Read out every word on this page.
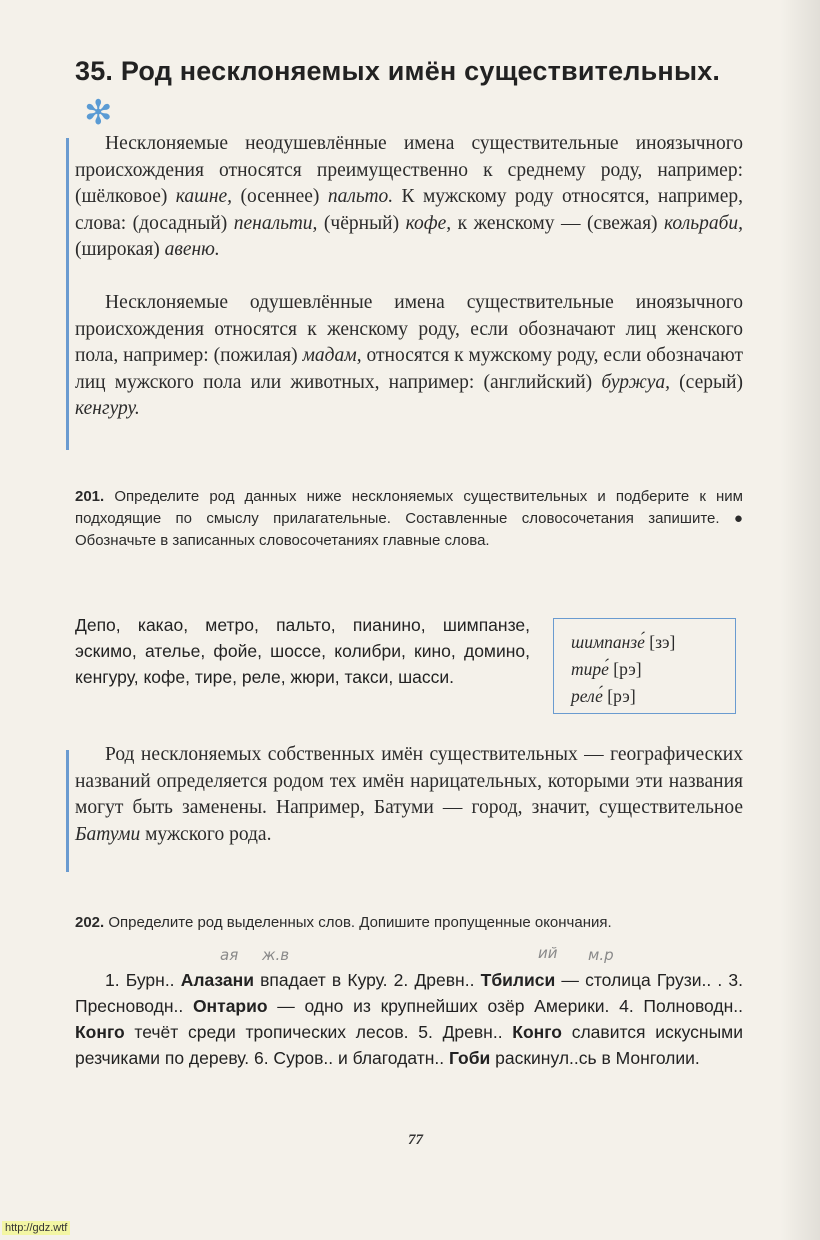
35. Род несклоняемых имён существительных.
✻
Несклоняемые неодушевлённые имена существительные иноязычного происхождения относятся преимущественно к среднему роду, например: (шёлковое) кашне, (осеннее) пальто. К мужскому роду относятся, например, слова: (досадный) пенальти, (чёрный) кофе, к женскому — (свежая) кольраби, (широкая) авеню.
Несклоняемые одушевлённые имена существительные иноязычного происхождения относятся к женскому роду, если обозначают лиц женского пола, например: (пожилая) мадам, относятся к мужскому роду, если обозначают лиц мужского пола или животных, например: (английский) буржуа, (серый) кенгуру.
201. Определите род данных ниже несклоняемых существительных и подберите к ним подходящие по смыслу прилагательные. Составленные словосочетания запишите. ● Обозначьте в записанных словосочетаниях главные слова.
Депо, какао, метро, пальто, пианино, шимпанзе, эскимо, ателье, фойе, шоссе, колибри, кино, домино, кенгуру, кофе, тире, реле, жюри, такси, шасси.
шимпанзе́ [зэ]
тире́ [рэ]
реле́ [рэ]
Род несклоняемых собственных имён существительных — географических названий определяется родом тех имён нарицательных, которыми эти названия могут быть заменены. Например, Батуми — город, значит, существительное Батуми мужского рода.
202. Определите род выделенных слов. Допишите пропущенные окончания.
1. Бурн.. Алазани впадает в Куру. 2. Древн.. Тбилиси — столица Грузи.. . 3. Пресноводн.. Онтарио — одно из крупнейших озёр Америки. 4. Полноводн.. Конго течёт среди тропических лесов. 5. Древн.. Конго славится искусными резчиками по дереву. 6. Суров.. и благодатн.. Гоби раскинул..сь в Монголии.
ая ж.в	ий м.р
77
http://gdz.wtf
